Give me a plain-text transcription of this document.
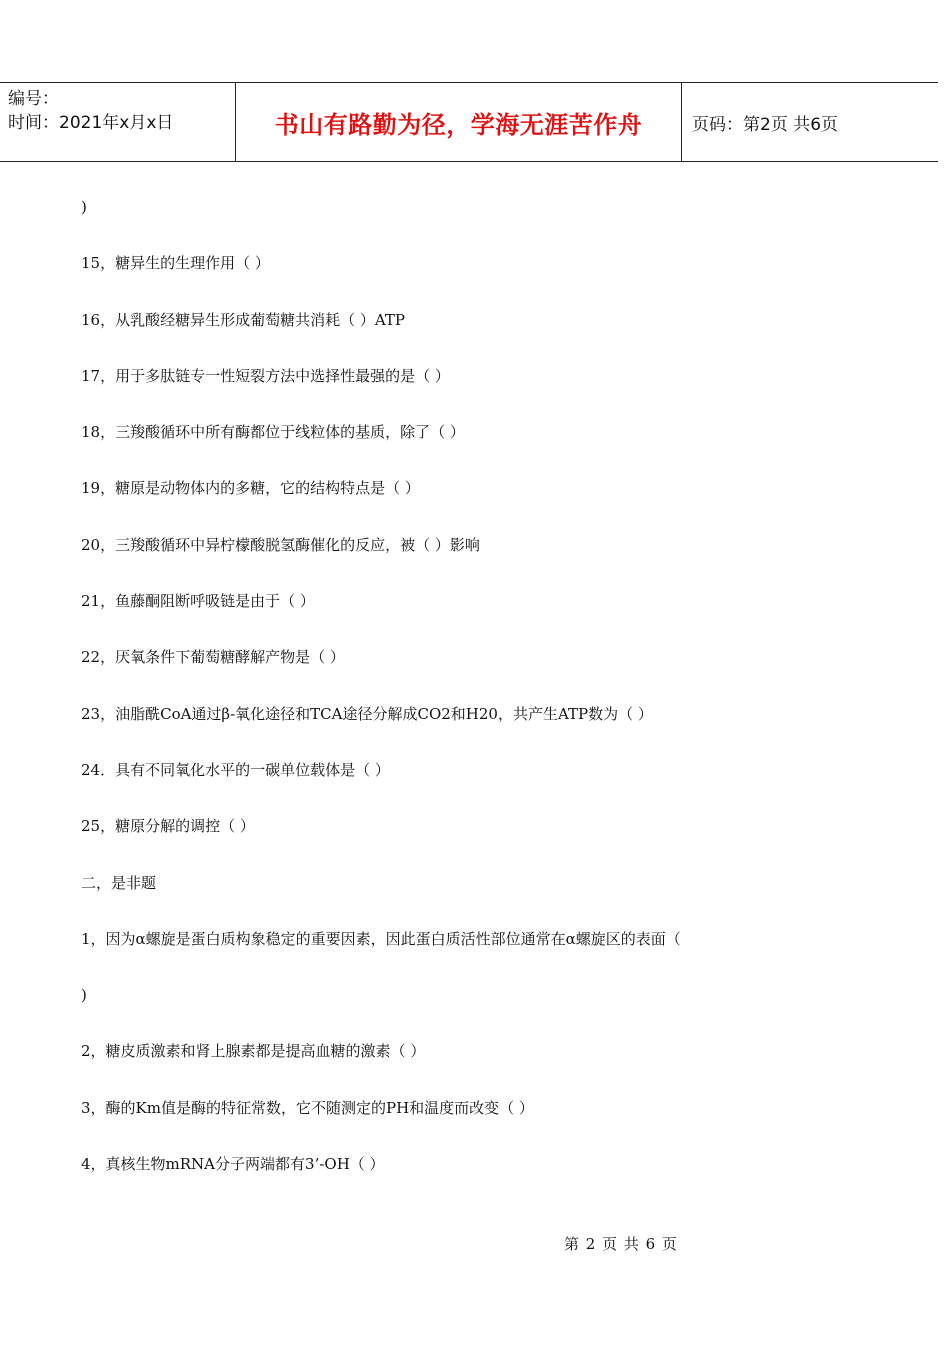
编号：
时间：2021年x月x日	书山有路勤为径，学海无涯苦作舟	页码：第2页 共6页
)
15，糖异生的生理作用（ ）
16，从乳酸经糖异生形成葡萄糖共消耗（ ）ATP
17，用于多肽链专一性短裂方法中选择性最强的是（ ）
18，三羧酸循环中所有酶都位于线粒体的基质，除了（ ）
19，糖原是动物体内的多糖，它的结构特点是（ ）
20，三羧酸循环中异柠檬酸脱氢酶催化的反应，被（ ）影响
21，鱼藤酮阻断呼吸链是由于（ ）
22，厌氧条件下葡萄糖酵解产物是（ ）
23，油脂酰CoA通过β-氧化途径和TCA途径分解成CO2和H20，共产生ATP数为（ ）
24．具有不同氧化水平的一碳单位载体是（ ）
25，糖原分解的调控（ ）
二，是非题
1，因为α螺旋是蛋白质构象稳定的重要因素，因此蛋白质活性部位通常在α螺旋区的表面（
)
2，糖皮质激素和肾上腺素都是提高血糖的激素（ ）
3，酶的Km值是酶的特征常数，它不随测定的PH和温度而改变（ ）
4，真核生物mRNA分子两端都有3’-OH（ ）
第 2 页 共 6 页
